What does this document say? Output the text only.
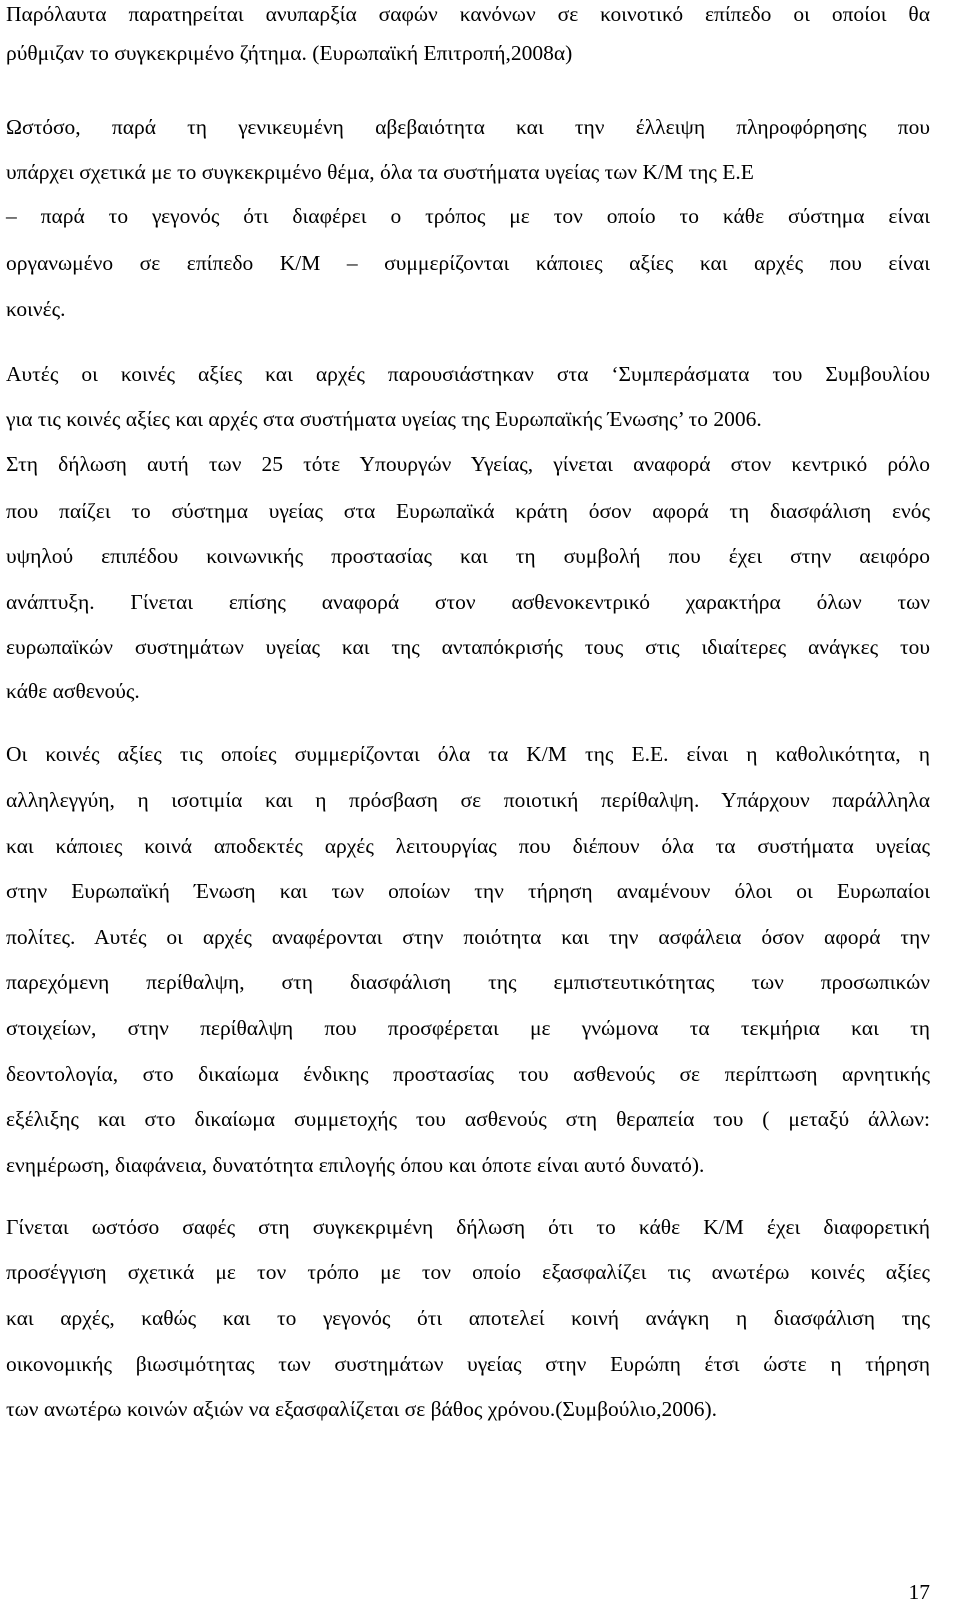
Παρόλαυτα παρατηρείται ανυπαρξία σαφών κανόνων σε κοινοτικό επίπεδο οι οποίοι θα
ρύθμιζαν το συγκεκριμένο ζήτημα. (Ευρωπαϊκή Επιτροπή,2008α)
Ωστόσο, παρά τη γενικευμένη αβεβαιότητα και την έλλειψη πληροφόρησης που
υπάρχει σχετικά με το συγκεκριμένο θέμα, όλα τα συστήματα υγείας των Κ/Μ της Ε.Ε
– παρά το γεγονός ότι διαφέρει ο τρόπος με τον οποίο το κάθε σύστημα είναι
οργανωμένο σε επίπεδο Κ/Μ – συμμερίζονται κάποιες αξίες και αρχές που είναι
κοινές.
Αυτές οι κοινές αξίες και αρχές παρουσιάστηκαν στα ‘Συμπεράσματα του Συμβουλίου
για τις κοινές αξίες και αρχές στα συστήματα υγείας της Ευρωπαϊκής Ένωσης’ το 2006.
Στη δήλωση αυτή των 25 τότε Υπουργών Υγείας, γίνεται αναφορά στον κεντρικό ρόλο
που παίζει το σύστημα υγείας στα Ευρωπαϊκά κράτη όσον αφορά τη διασφάλιση ενός
υψηλού επιπέδου κοινωνικής προστασίας και τη συμβολή που έχει στην αειφόρο
ανάπτυξη. Γίνεται επίσης αναφορά στον ασθενοκεντρικό χαρακτήρα όλων των
ευρωπαϊκών συστημάτων υγείας και της ανταπόκρισής τους στις ιδιαίτερες ανάγκες του
κάθε ασθενούς.
Οι κοινές αξίες τις οποίες συμμερίζονται όλα τα Κ/Μ της Ε.Ε. είναι η καθολικότητα, η
αλληλεγγύη, η ισοτιμία και η πρόσβαση σε ποιοτική περίθαλψη. Υπάρχουν παράλληλα
και κάποιες κοινά αποδεκτές αρχές λειτουργίας που διέπουν όλα τα συστήματα υγείας
στην Ευρωπαϊκή Ένωση και των οποίων την τήρηση αναμένουν όλοι οι Ευρωπαίοι
πολίτες. Αυτές οι αρχές αναφέρονται στην ποιότητα και την ασφάλεια όσον αφορά την
παρεχόμενη περίθαλψη, στη διασφάλιση της εμπιστευτικότητας των προσωπικών
στοιχείων, στην περίθαλψη που προσφέρεται με γνώμονα τα τεκμήρια και τη
δεοντολογία, στο δικαίωμα ένδικης προστασίας του ασθενούς σε περίπτωση αρνητικής
εξέλιξης και στο δικαίωμα συμμετοχής του ασθενούς στη θεραπεία του ( μεταξύ άλλων:
ενημέρωση, διαφάνεια, δυνατότητα επιλογής όπου και όποτε είναι αυτό δυνατό).
Γίνεται ωστόσο σαφές στη συγκεκριμένη δήλωση ότι το κάθε Κ/Μ έχει διαφορετική
προσέγγιση σχετικά με τον τρόπο με τον οποίο εξασφαλίζει τις ανωτέρω κοινές αξίες
και αρχές, καθώς και το γεγονός ότι αποτελεί κοινή ανάγκη η διασφάλιση της
οικονομικής βιωσιμότητας των συστημάτων υγείας στην Ευρώπη έτσι ώστε η τήρηση
των ανωτέρω κοινών αξιών να εξασφαλίζεται σε βάθος χρόνου.(Συμβούλιο,2006).
17
